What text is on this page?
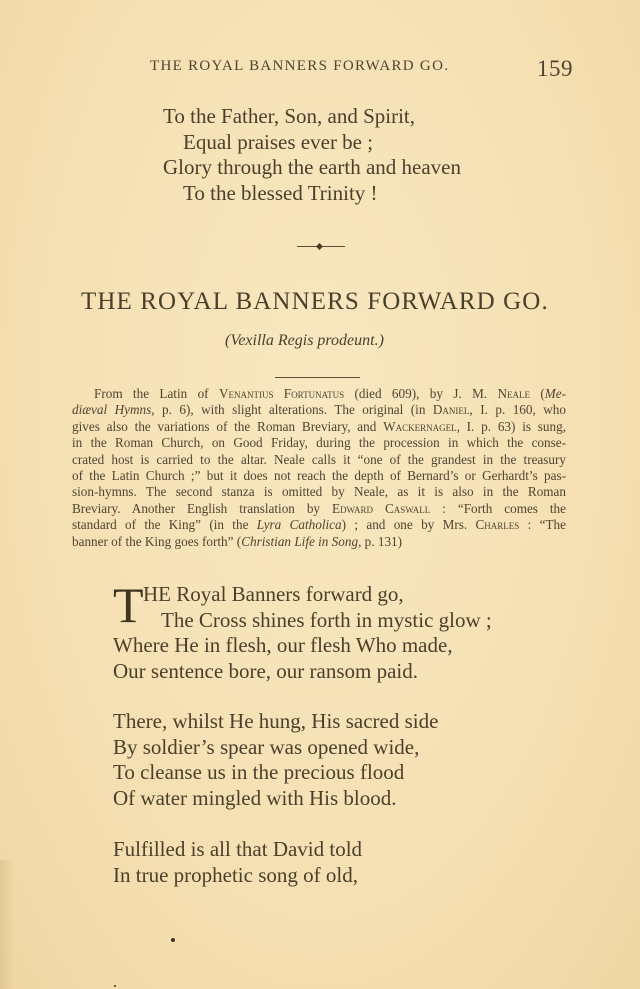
THE ROYAL BANNERS FORWARD GO.	159
To the Father, Son, and Spirit,
Equal praises ever be ;
Glory through the earth and heaven
To the blessed Trinity !
THE ROYAL BANNERS FORWARD GO.
(Vexilla Regis prodeunt.)
From the Latin of Venantius Fortunatus (died 609), by J. M. Neale (Me-
diæval Hymns, p. 6), with slight alterations. The original (in Daniel, I. p. 160, who
gives also the variations of the Roman Breviary, and Wackernagel, I. p. 63) is sung,
in the Roman Church, on Good Friday, during the procession in which the conse-
crated host is carried to the altar. Neale calls it “one of the grandest in the treasury
of the Latin Church ;” but it does not reach the depth of Bernard’s or Gerhardt’s pas-
sion-hymns. The second stanza is omitted by Neale, as it is also in the Roman
Breviary. Another English translation by Edward Caswall : “Forth comes the
standard of the King” (in the Lyra Catholica) ; and one by Mrs. Charles : “The
banner of the King goes forth” (Christian Life in Song, p. 131)
T HE Royal Banners forward go,
The Cross shines forth in mystic glow ;
Where He in flesh, our flesh Who made,
Our sentence bore, our ransom paid.
There, whilst He hung, His sacred side
By soldier’s spear was opened wide,
To cleanse us in the precious flood
Of water mingled with His blood.
Fulfilled is all that David told
In true prophetic song of old,
